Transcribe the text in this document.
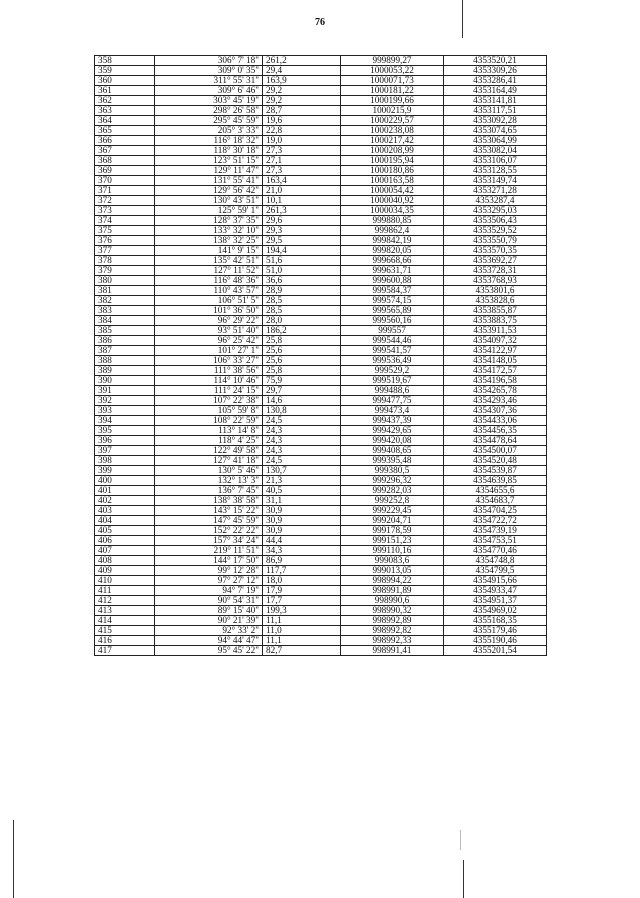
76
358	306° 7' 18"	261,2	999899,27	4353520,21
359	309° 0' 35"	29,4	1000053,22	4353309,26
360	311° 55' 31"	163,9	1000071,73	4353286,41
361	309° 6' 46"	29,2	1000181,22	4353164,49
362	303° 45' 19"	29,2	1000199,66	4353141,81
363	298° 26' 58"	28,7	1000215,9	4353117,51
364	295° 45' 59"	19,6	1000229,57	4353092,28
365	205° 3' 33"	22,8	1000238,08	4353074,65
366	116° 18' 32"	19,0	1000217,42	4353064,99
367	118° 30' 18"	27,3	1000208,99	4353082,04
368	123° 51' 15"	27,1	1000195,94	4353106,07
369	129° 11' 47"	27,3	1000180,86	4353128,55
370	131° 55' 41"	163,4	1000163,58	4353149,74
371	129° 56' 42"	21,0	1000054,42	4353271,28
372	130° 43' 51"	10,1	1000040,92	4353287,4
373	125° 59' 1"	261,3	1000034,35	4353295,03
374	128° 37' 35"	29,6	999880,85	4353506,43
375	133° 32' 10"	29,3	999862,4	4353529,52
376	138° 32' 25"	29,5	999842,19	4353550,79
377	141° 9' 15"	194,4	999820,05	4353570,35
378	135° 42' 51"	51,6	999668,66	4353692,27
379	127° 11' 52"	51,0	999631,71	4353728,31
380	116° 48' 36"	36,6	999600,88	4353768,93
381	110° 43' 57"	28,9	999584,37	4353801,6
382	106° 51' 5"	28,5	999574,15	4353828,6
383	101° 36' 50"	28,5	999565,89	4353855,87
384	96° 29' 22"	28,0	999560,16	4353883,75
385	93° 51' 40"	186,2	999557	4353911,53
386	96° 25' 42"	25,8	999544,46	4354097,32
387	101° 27' 1"	25,6	999541,57	4354122,97
388	106° 33' 27"	25,6	999536,49	4354148,05
389	111° 38' 56"	25,8	999529,2	4354172,57
390	114° 10' 46"	75,9	999519,67	4354196,58
391	111° 24' 15"	29,7	999488,6	4354265,78
392	107° 22' 38"	14,6	999477,75	4354293,46
393	105° 59' 8"	130,8	999473,4	4354307,36
394	108° 22' 59"	24,5	999437,39	4354433,06
395	113° 14' 8"	24,3	999429,65	4354456,35
396	118° 4' 25"	24,3	999420,08	4354478,64
397	122° 49' 58"	24,3	999408,65	4354500,07
398	127° 41' 18"	24,5	999395,48	4354520,48
399	130° 5' 46"	130,7	999380,5	4354539,87
400	132° 13' 3"	21,3	999296,32	4354639,85
401	136° 7' 45"	40,5	999282,03	4354655,6
402	138° 38' 58"	31,1	999252,8	4354683,7
403	143° 15' 22"	30,9	999229,45	4354704,25
404	147° 45' 59"	30,9	999204,71	4354722,72
405	152° 22' 22"	30,9	999178,59	4354739,19
406	157° 34' 24"	44,4	999151,23	4354753,51
407	219° 11' 51"	34,3	999110,16	4354770,46
408	144° 17' 50"	86,9	999083,6	4354748,8
409	99° 12' 28"	117,7	999013,05	4354799,5
410	97° 27' 12"	18,0	998994,22	4354915,66
411	94° 7' 19"	17,9	998991,89	4354933,47
412	90° 54' 31"	17,7	998990,6	4354951,37
413	89° 15' 40"	199,3	998990,32	4354969,02
414	90° 21' 39"	11,1	998992,89	4355168,35
415	92° 33' 2"	11,0	998992,82	4355179,46
416	94° 44' 47"	11,1	998992,33	4355190,46
417	95° 45' 22"	82,7	998991,41	4355201,54
